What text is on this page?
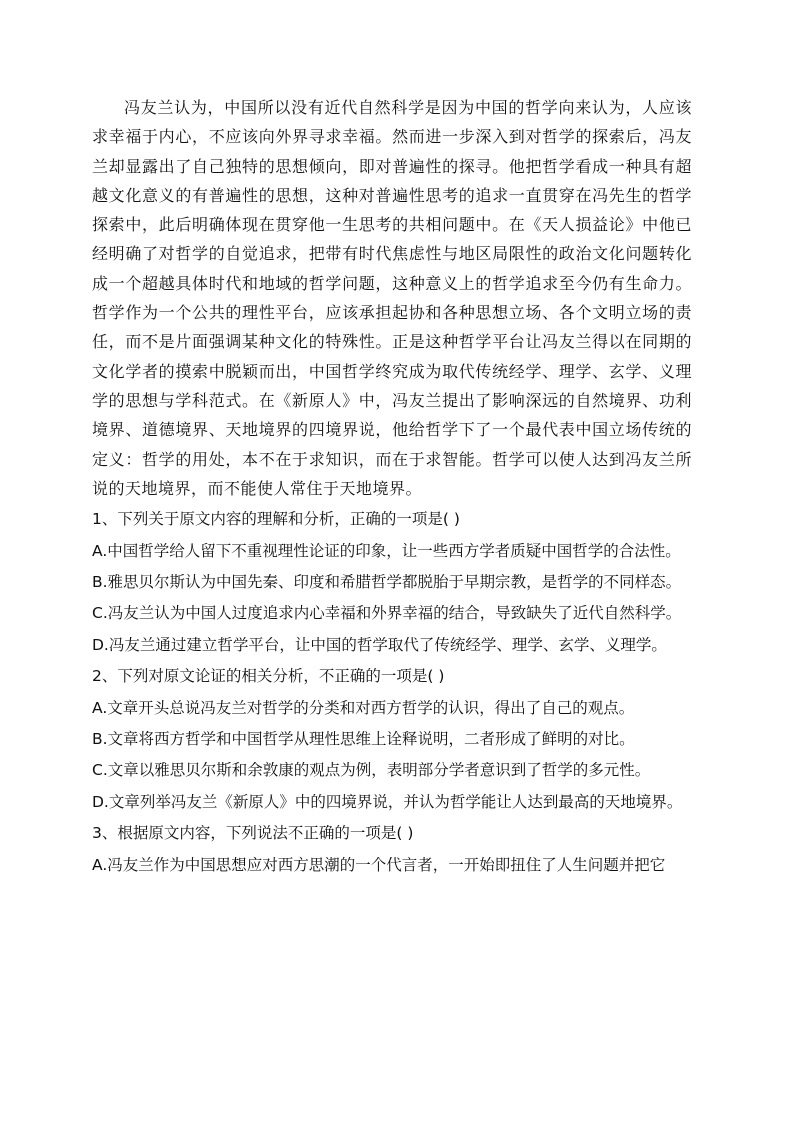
冯友兰认为，中国所以没有近代自然科学是因为中国的哲学向来认为，人应该求幸福于内心，不应该向外界寻求幸福。然而进一步深入到对哲学的探索后，冯友兰却显露出了自己独特的思想倾向，即对普遍性的探寻。他把哲学看成一种具有超越文化意义的有普遍性的思想，这种对普遍性思考的追求一直贯穿在冯先生的哲学探索中，此后明确体现在贯穿他一生思考的共相问题中。在《天人损益论》中他已经明确了对哲学的自觉追求，把带有时代焦虑性与地区局限性的政治文化问题转化成一个超越具体时代和地域的哲学问题，这种意义上的哲学追求至今仍有生命力。哲学作为一个公共的理性平台，应该承担起协和各种思想立场、各个文明立场的责任，而不是片面强调某种文化的特殊性。正是这种哲学平台让冯友兰得以在同期的文化学者的摸索中脱颖而出，中国哲学终究成为取代传统经学、理学、玄学、义理学的思想与学科范式。在《新原人》中，冯友兰提出了影响深远的自然境界、功利境界、道德境界、天地境界的四境界说，他给哲学下了一个最代表中国立场传统的定义：哲学的用处，本不在于求知识，而在于求智能。哲学可以使人达到冯友兰所说的天地境界，而不能使人常住于天地境界。

1、下列关于原文内容的理解和分析，正确的一项是( )

A.中国哲学给人留下不重视理性论证的印象，让一些西方学者质疑中国哲学的合法性。

B.雅思贝尔斯认为中国先秦、印度和希腊哲学都脱胎于早期宗教，是哲学的不同样态。

C.冯友兰认为中国人过度追求内心幸福和外界幸福的结合，导致缺失了近代自然科学。

D.冯友兰通过建立哲学平台，让中国的哲学取代了传统经学、理学、玄学、义理学。

2、下列对原文论证的相关分析，不正确的一项是( )

A.文章开头总说冯友兰对哲学的分类和对西方哲学的认识，得出了自己的观点。

B.文章将西方哲学和中国哲学从理性思维上诠释说明，二者形成了鲜明的对比。

C.文章以雅思贝尔斯和余敦康的观点为例，表明部分学者意识到了哲学的多元性。

D.文章列举冯友兰《新原人》中的四境界说，并认为哲学能让人达到最高的天地境界。

3、根据原文内容，下列说法不正确的一项是( )

A.冯友兰作为中国思想应对西方思潮的一个代言者，一开始即扭住了人生问题并把它
